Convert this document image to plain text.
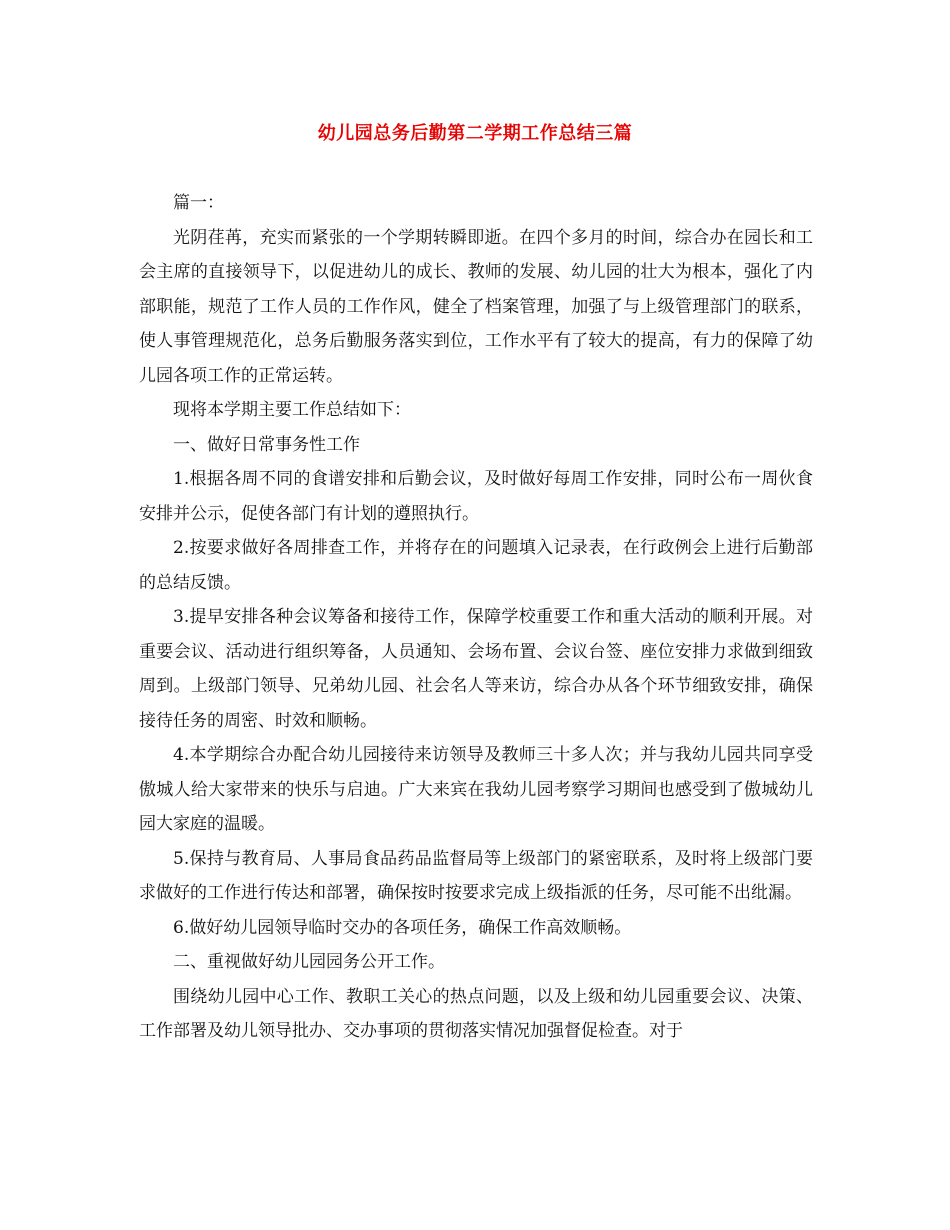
幼儿园总务后勤第二学期工作总结三篇

篇一：

光阴荏苒，充实而紧张的一个学期转瞬即逝。在四个多月的时间，综合办在园长和工会主席的直接领导下，以促进幼儿的成长、教师的发展、幼儿园的壮大为根本，强化了内部职能，规范了工作人员的工作作风，健全了档案管理，加强了与上级管理部门的联系，使人事管理规范化，总务后勤服务落实到位，工作水平有了较大的提高，有力的保障了幼儿园各项工作的正常运转。

现将本学期主要工作总结如下：

一、做好日常事务性工作

1.根据各周不同的食谱安排和后勤会议，及时做好每周工作安排，同时公布一周伙食安排并公示，促使各部门有计划的遵照执行。

2.按要求做好各周排查工作，并将存在的问题填入记录表，在行政例会上进行后勤部的总结反馈。

3.提早安排各种会议筹备和接待工作，保障学校重要工作和重大活动的顺利开展。对重要会议、活动进行组织筹备，人员通知、会场布置、会议台签、座位安排力求做到细致周到。上级部门领导、兄弟幼儿园、社会名人等来访，综合办从各个环节细致安排，确保接待任务的周密、时效和顺畅。

4.本学期综合办配合幼儿园接待来访领导及教师三十多人次；并与我幼儿园共同享受傲城人给大家带来的快乐与启迪。广大来宾在我幼儿园考察学习期间也感受到了傲城幼儿园大家庭的温暖。

5.保持与教育局、人事局食品药品监督局等上级部门的紧密联系，及时将上级部门要求做好的工作进行传达和部署，确保按时按要求完成上级指派的任务，尽可能不出纰漏。

6.做好幼儿园领导临时交办的各项任务，确保工作高效顺畅。

二、重视做好幼儿园园务公开工作。

围绕幼儿园中心工作、教职工关心的热点问题，以及上级和幼儿园重要会议、决策、工作部署及幼儿领导批办、交办事项的贯彻落实情况加强督促检查。对于
